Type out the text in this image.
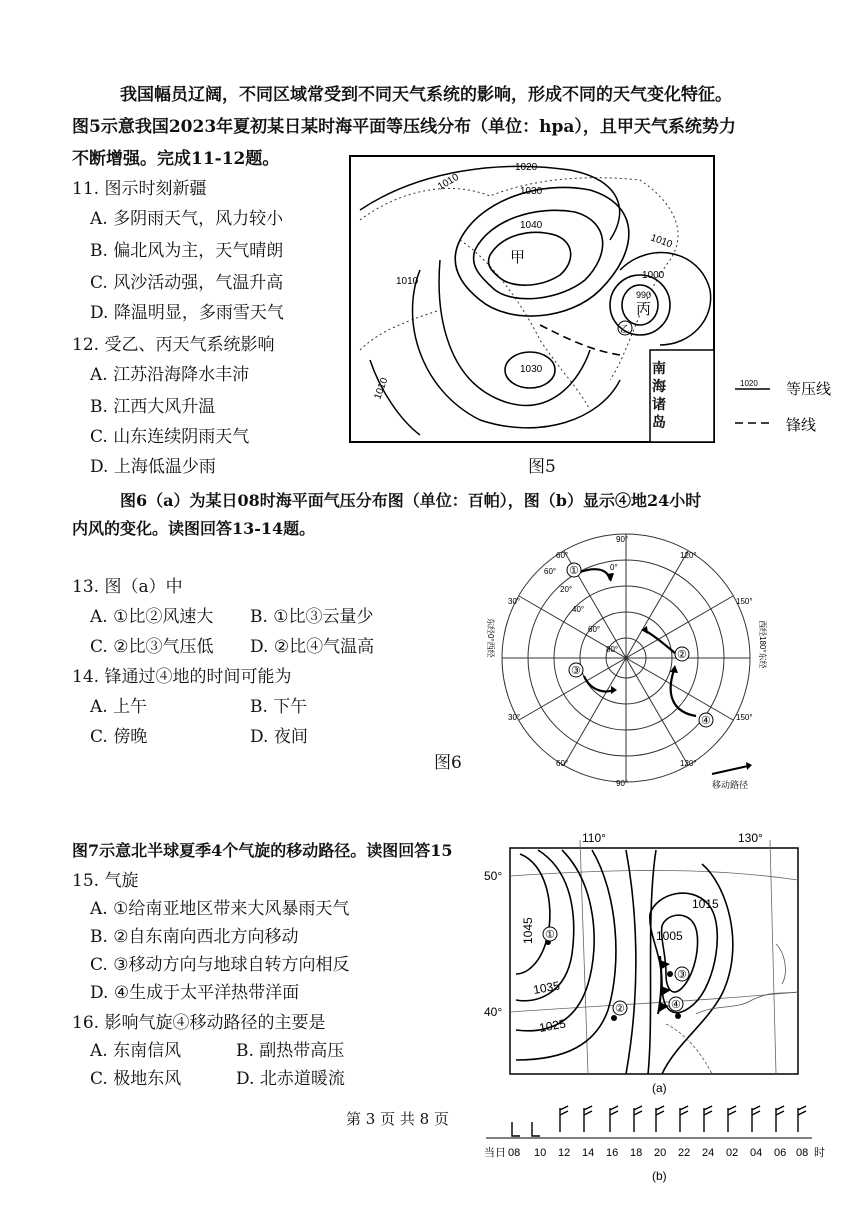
我国幅员辽阔，不同区域常受到不同天气系统的影响，形成不同的天气变化特征。
图5示意我国2023年夏初某日某时海平面等压线分布（单位：hpa），且甲天气系统势力
不断增强。完成11-12题。
11. 图示时刻新疆
A. 多阴雨天气，风力较小
B. 偏北风为主，天气晴朗
C. 风沙活动强，气温升高
D. 降温明显，多雨雪天气
12. 受乙、丙天气系统影响
A. 江苏沿海降水丰沛
B. 江西大风升温
C. 山东连续阴雨天气
D. 上海低温少雨
1010
1020
1030
1040
甲
1010
1000
990
丙
1010
1030
1010
乙
南海诸岛
1020 等压线
锋线
图5
图6（a）为某日08时海平面气压分布图（单位：百帕），图（b）显示④地24小时
内风的变化。读图回答13-14题。
13. 图（a）中
A. ①比②风速大 B. ①比③云量少
C. ②比③气压低 D. ②比④气温高
14. 锋通过④地的时间可能为
A. 上午	B. 下午
C. 傍晚	D. 夜间
①
②
③
④
0°
20°
40°
60°
80°
90°
120°
150°
150°
120°
90°
60°
30°
30°
60°
60°
东经0°西经	西经180°东经
移动路径
图6
图7示意北半球夏季4个气旋的移动路径。读图回答15
15. 气旋
A. ①给南亚地区带来大风暴雨天气
B. ②自东南向西北方向移动
C. ③移动方向与地球自转方向相反
D. ④生成于太平洋热带洋面
16. 影响气旋④移动路径的主要是
A. 东南信风	B. 副热带高压
C. 极地东风	D. 北赤道暖流
①
②
③
④
110°	130°
50°
40°
1045
1035
1025
1015
1005
(a)
当日 08 10 12 14 16 18 20 22 24 02 04 06 08 时
(b)
第 3 页 共 8 页
